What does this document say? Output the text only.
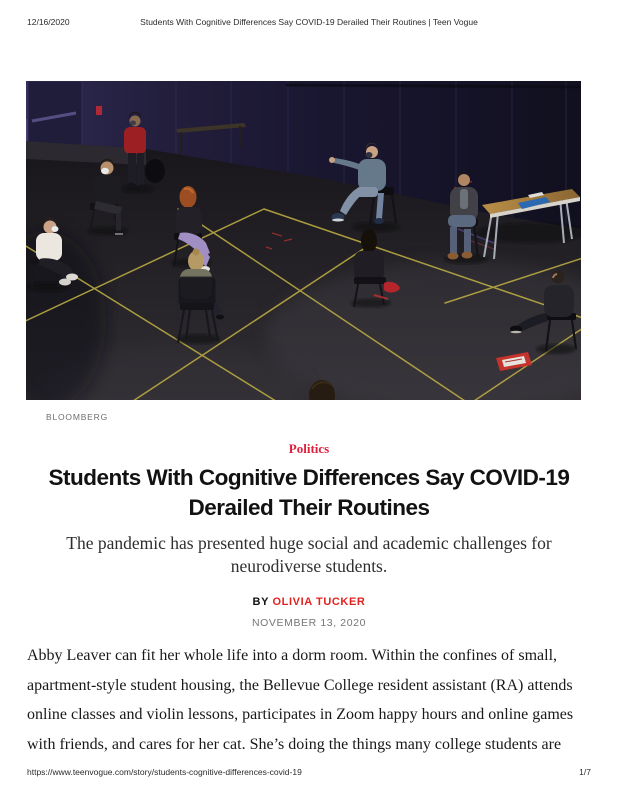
12/16/2020	Students With Cognitive Differences Say COVID-19 Derailed Their Routines | Teen Vogue
BLOOMBERG
Politics
Students With Cognitive Differences Say COVID-19
Derailed Their Routines
The pandemic has presented huge social and academic challenges for
neurodiverse students.
BY OLIVIA TUCKER
NOVEMBER 13, 2020
Abby Leaver can fit her whole life into a dorm room. Within the confines of small,
apartment-style student housing, the Bellevue College resident assistant (RA) attends
online classes and violin lessons, participates in Zoom happy hours and online games
with friends, and cares for her cat. She’s doing the things many college students are
https://www.teenvogue.com/story/students-cognitive-differences-covid-19	1/7
